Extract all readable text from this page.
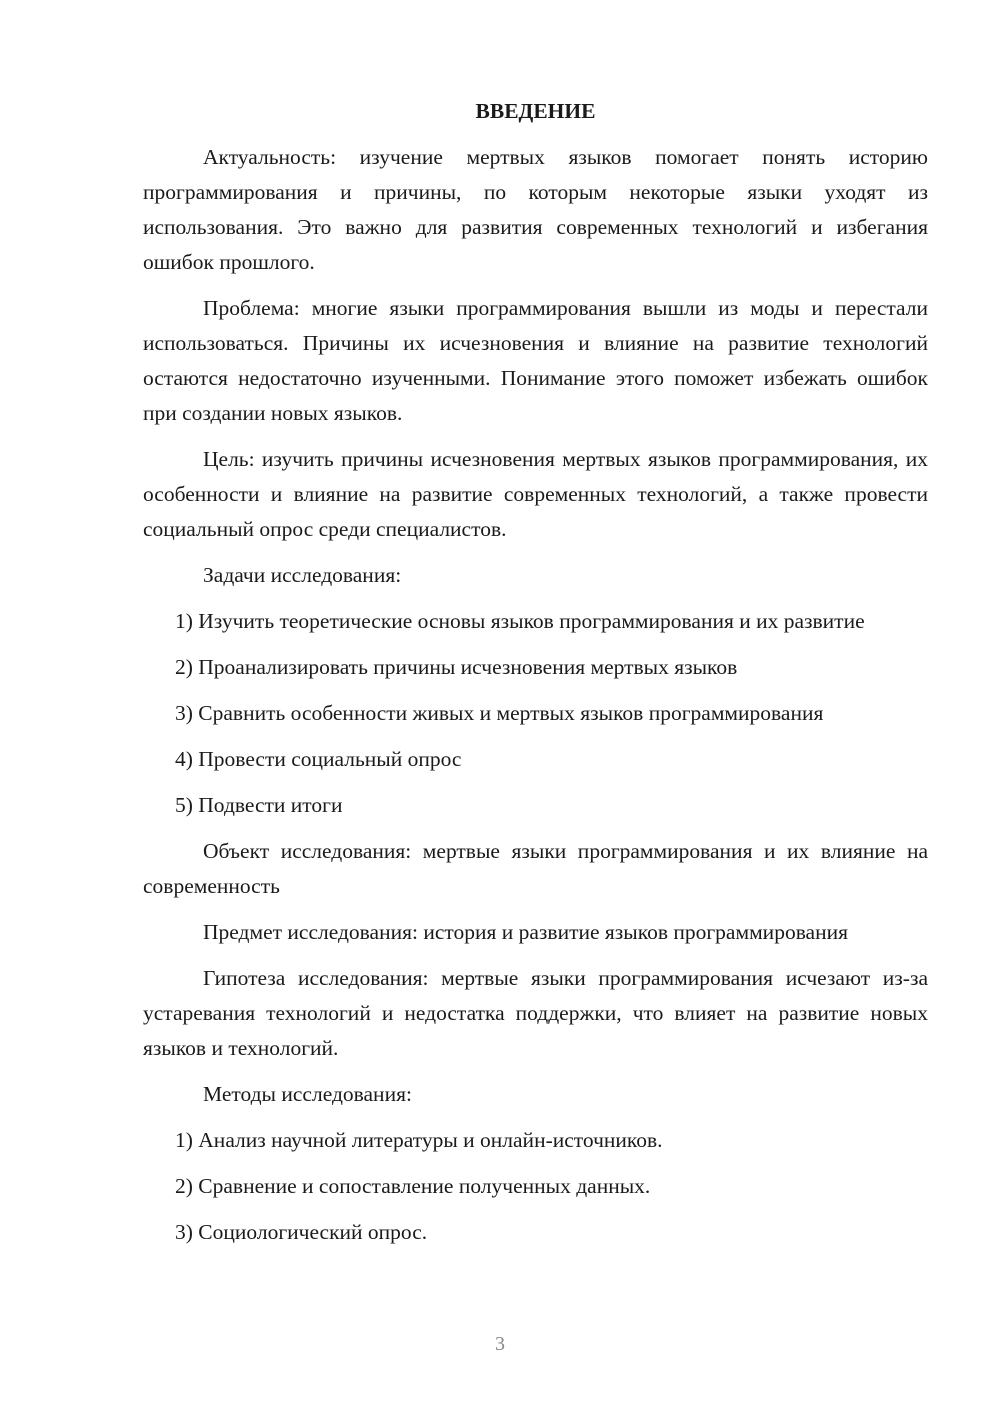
ВВЕДЕНИЕ

Актуальность: изучение мертвых языков помогает понять историю программирования и причины, по которым некоторые языки уходят из использования. Это важно для развития современных технологий и избегания ошибок прошлого.

Проблема: многие языки программирования вышли из моды и перестали использоваться. Причины их исчезновения и влияние на развитие технологий остаются недостаточно изученными. Понимание этого поможет избежать ошибок при создании новых языков.

Цель: изучить причины исчезновения мертвых языков программирования, их особенности и влияние на развитие современных технологий, а также провести социальный опрос среди специалистов.

Задачи исследования:

1) Изучить теоретические основы языков программирования и их развитие

2) Проанализировать причины исчезновения мертвых языков

3) Сравнить особенности живых и мертвых языков программирования

4) Провести социальный опрос

5) Подвести итоги

Объект исследования: мертвые языки программирования и их влияние на современность

Предмет исследования: история и развитие языков программирования

Гипотеза исследования: мертвые языки программирования исчезают из-за устаревания технологий и недостатка поддержки, что влияет на развитие новых языков и технологий.

Методы исследования:

1) Анализ научной литературы и онлайн-источников.

2) Сравнение и сопоставление полученных данных.

3) Социологический опрос.

3
